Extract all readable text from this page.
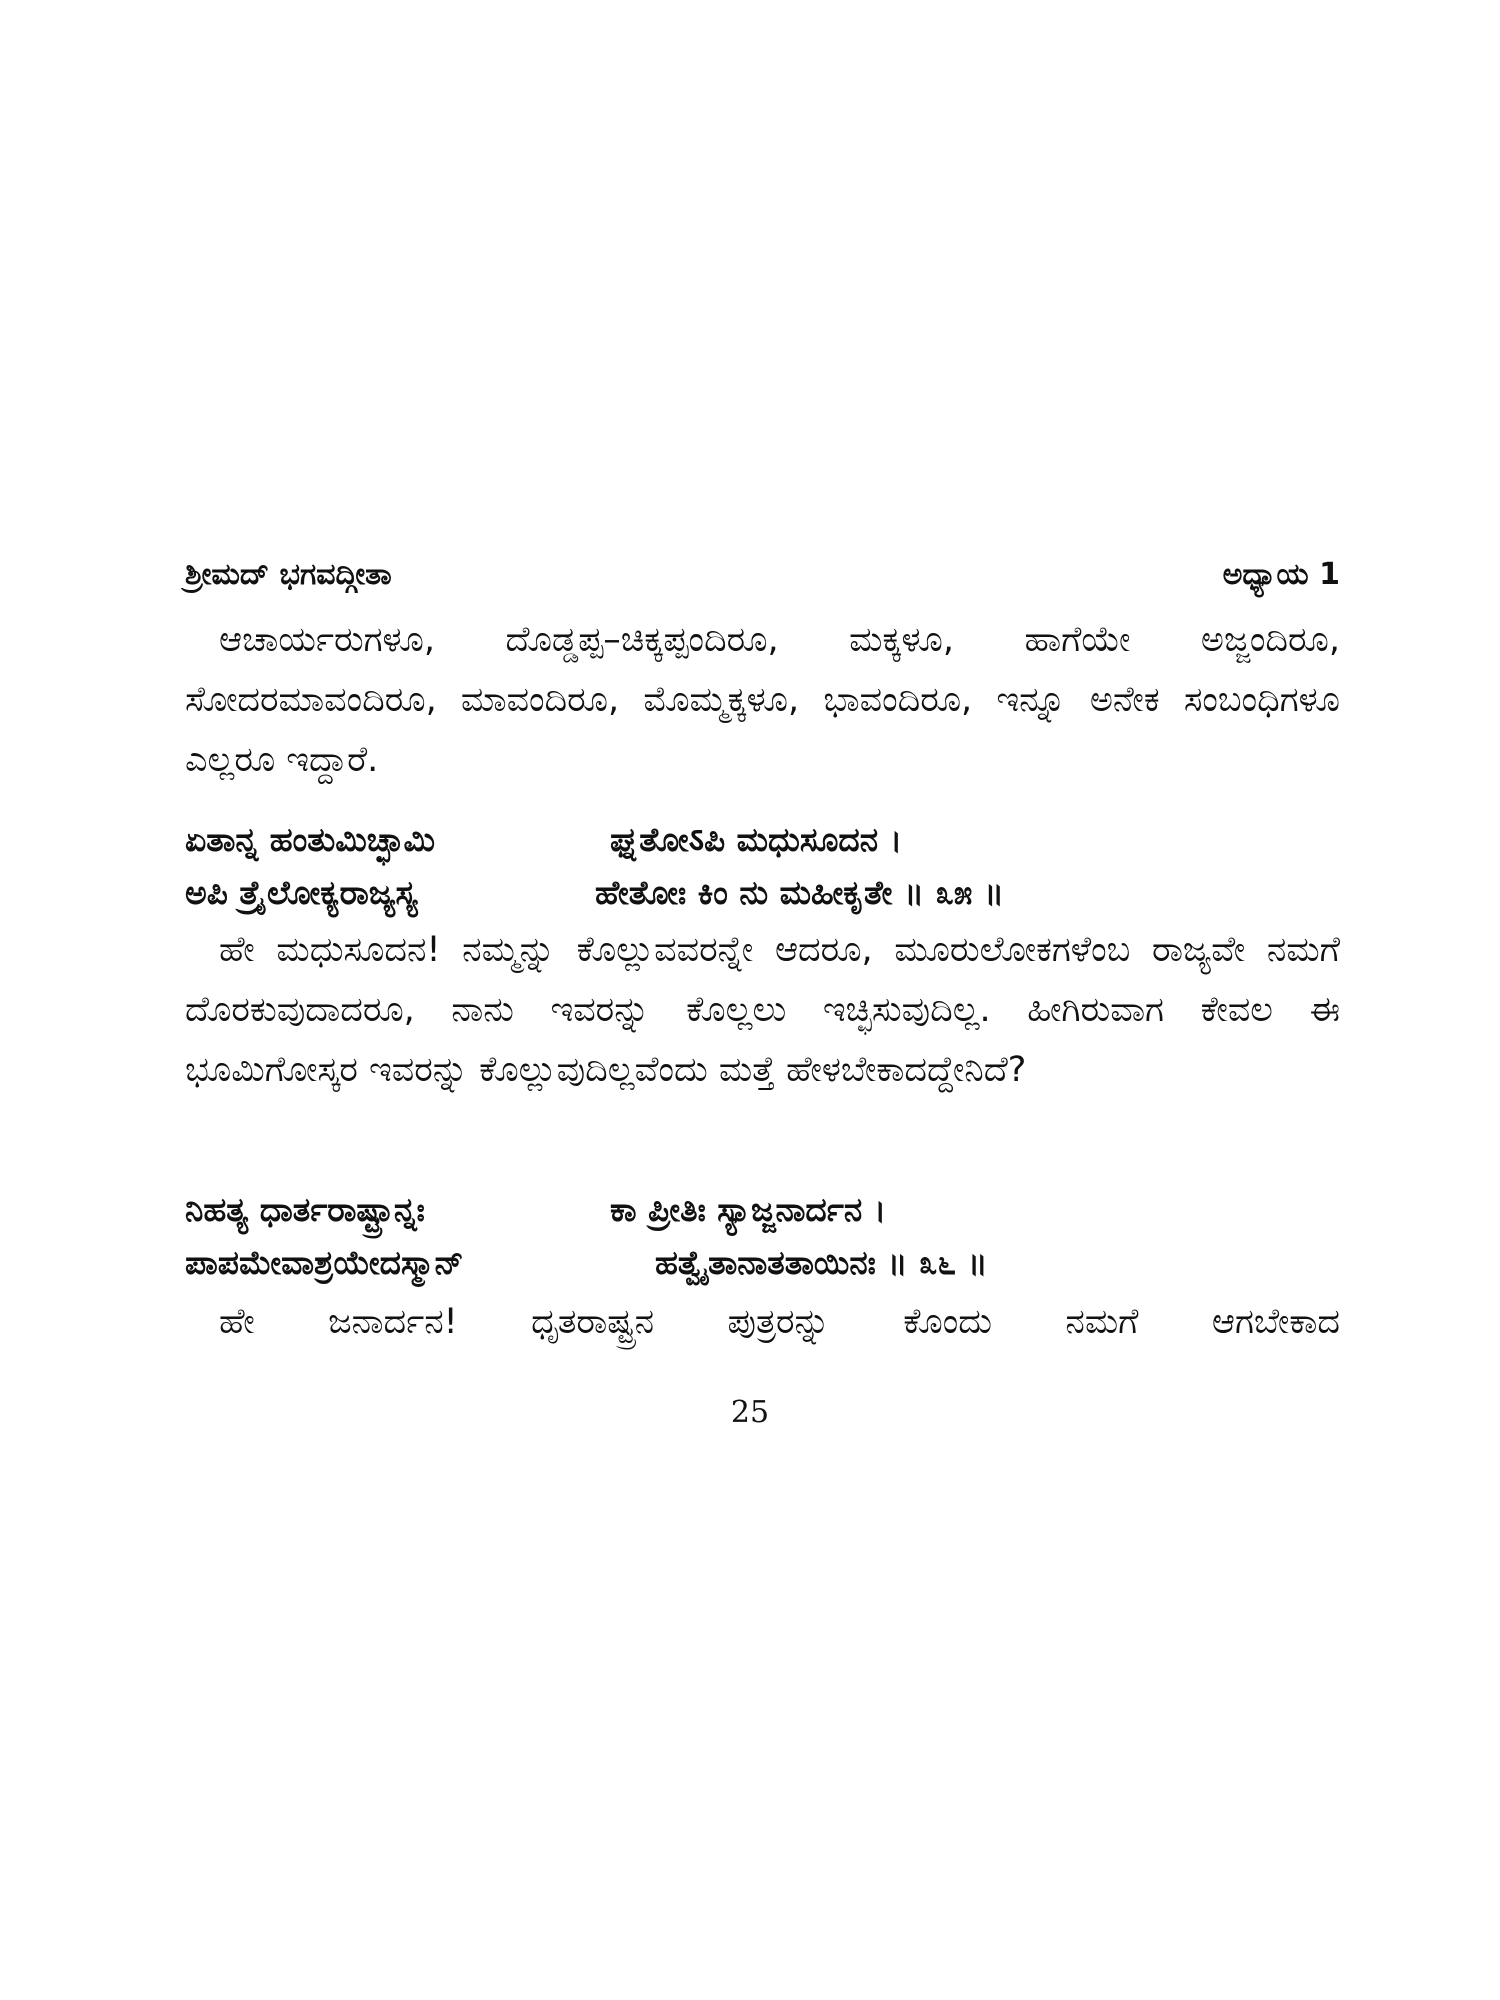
ಶ್ರೀಮದ್ ಭಗವದ್ಗೀತಾ	ಅಧ್ಯಾಯ 1

ಆಚಾರ್ಯರುಗಳೂ, ದೊಡ್ಡಪ್ಪ–ಚಿಕ್ಕಪ್ಪಂದಿರೂ, ಮಕ್ಕಳೂ, ಹಾಗೆಯೇ ಅಜ್ಜಂದಿರೂ, ಸೋದರಮಾವಂದಿರೂ, ಮಾವಂದಿರೂ, ಮೊಮ್ಮಕ್ಕಳೂ, ಭಾವಂದಿರೂ, ಇನ್ನೂ ಅನೇಕ ಸಂಬಂಧಿಗಳೂ ಎಲ್ಲರೂ ಇದ್ದಾರೆ.

ಏತಾನ್ನ ಹಂತುಮಿಚ್ಛಾಮಿ	ಘ್ನತೋऽಪಿ ಮಧುಸೂದನ ।
ಅಪಿ ತ್ರೈಲೋಕ್ಯರಾಜ್ಯಸ್ಯ	ಹೇತೋಃ ಕಿಂ ನು ಮಹೀಕೃತೇ ॥ ೩೫ ॥

ಹೇ ಮಧುಸೂದನ! ನಮ್ಮನ್ನು ಕೊಲ್ಲುವವರನ್ನೇ ಆದರೂ, ಮೂರುಲೋಕಗಳೆಂಬ ರಾಜ್ಯವೇ ನಮಗೆ ದೊರಕುವುದಾದರೂ, ನಾನು ಇವರನ್ನು ಕೊಲ್ಲಲು ಇಚ್ಛಿಸುವುದಿಲ್ಲ. ಹೀಗಿರುವಾಗ ಕೇವಲ ಈ ಭೂಮಿಗೋಸ್ಕರ ಇವರನ್ನು ಕೊಲ್ಲುವುದಿಲ್ಲವೆಂದು ಮತ್ತೆ ಹೇಳಬೇಕಾದದ್ದೇನಿದೆ?

ನಿಹತ್ಯ ಧಾರ್ತರಾಷ್ಟ್ರಾನ್ನಃ	ಕಾ ಪ್ರೀತಿಃ ಸ್ಯಾಜ್ಜನಾರ್ದನ ।
ಪಾಪಮೇವಾಶ್ರಯೇದಸ್ಮಾನ್	ಹತ್ವೈತಾನಾತತಾಯಿನಃ ॥ ೩೬ ॥

ಹೇ ಜನಾರ್ದನ! ಧೃತರಾಷ್ಟ್ರನ ಪುತ್ರರನ್ನು ಕೊಂದು ನಮಗೆ ಆಗಬೇಕಾದ

25
